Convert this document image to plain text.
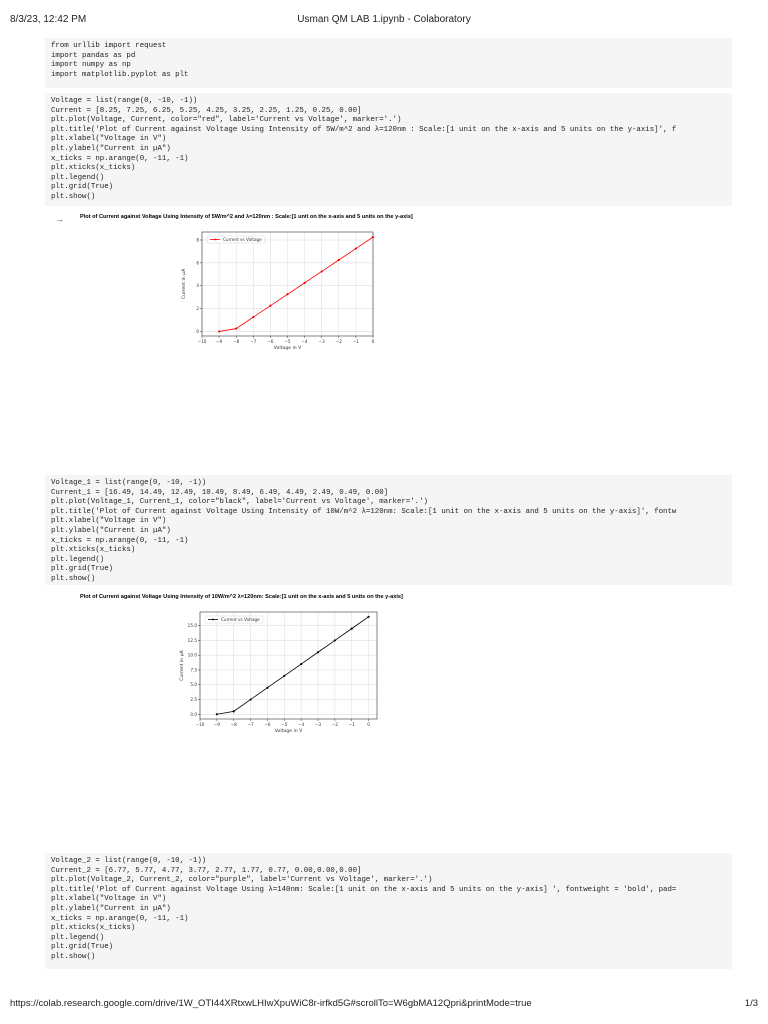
8/3/23, 12:42 PM	Usman QM LAB 1.ipynb - Colaboratory
from urllib import request
import pandas as pd
import numpy as np
import matplotlib.pyplot as plt
Voltage = list(range(0, -10, -1))
Current = [8.25, 7.25, 6.25, 5.25, 4.25, 3.25, 2.25, 1.25, 0.25, 0.00]
plt.plot(Voltage, Current, color="red", label='Current vs Voltage', marker='.')
plt.title('Plot of Current against Voltage Using Intensity of 5W/m^2 and λ=120nm : Scale:[1 unit on the x-axis and 5 units on the y-axis]', f
plt.xlabel("Voltage in V")
plt.ylabel("Current in μA")
x_ticks = np.arange(0, -11, -1)
plt.xticks(x_ticks)
plt.legend()
plt.grid(True)
plt.show()
→	Plot of Current against Voltage Using Intensity of 5W/m^2 and λ=120nm : Scale:[1 unit on the x-axis and 5 units on the y-axis]
−10 −9	−8	−7	−6	−5	−4	−3	−2	−1	0
0
2
4
6
8
Voltage in V
Current in μA
Current vs Voltage
Voltage_1 = list(range(0, -10, -1))
Current_1 = [16.49, 14.49, 12.49, 10.49, 8.49, 6.49, 4.49, 2.49, 0.49, 0.00]
plt.plot(Voltage_1, Current_1, color="black", label='Current vs Voltage', marker='.')
plt.title('Plot of Current against Voltage Using Intensity of 10W/m^2 λ=120nm: Scale:[1 unit on the x-axis and 5 units on the y-axis]', fontw
plt.xlabel("Voltage in V")
plt.ylabel("Current in μA")
x_ticks = np.arange(0, -11, -1)
plt.xticks(x_ticks)
plt.legend()
plt.grid(True)
plt.show()
Plot of Current against Voltage Using Intensity of 10W/m^2 λ=120nm: Scale:[1 unit on the x-axis and 5 units on the y-axis]
−10 −9	−8	−7	−6	−5	−4	−3	−2	−1	0
0.0
2.5
5.0
7.5
10.0
12.5
15.0
Voltage in V
Current in μA
Current vs Voltage
Voltage_2 = list(range(0, -10, -1))
Current_2 = [6.77, 5.77, 4.77, 3.77, 2.77, 1.77, 0.77, 0.00,0.00,0.00]
plt.plot(Voltage_2, Current_2, color="purple", label='Current vs Voltage', marker='.')
plt.title('Plot of Current against Voltage Using λ=140nm: Scale:[1 unit on the x-axis and 5 units on the y-axis] ', fontweight = 'bold', pad=
plt.xlabel("Voltage in V")
plt.ylabel("Current in μA")
x_ticks = np.arange(0, -11, -1)
plt.xticks(x_ticks)
plt.legend()
plt.grid(True)
plt.show()
https://colab.research.google.com/drive/1W_OTI44XRtxwLHIwXpuWiC8r-irfkd5G#scrollTo=W6gbMA12Qpri&printMode=true	1/3
